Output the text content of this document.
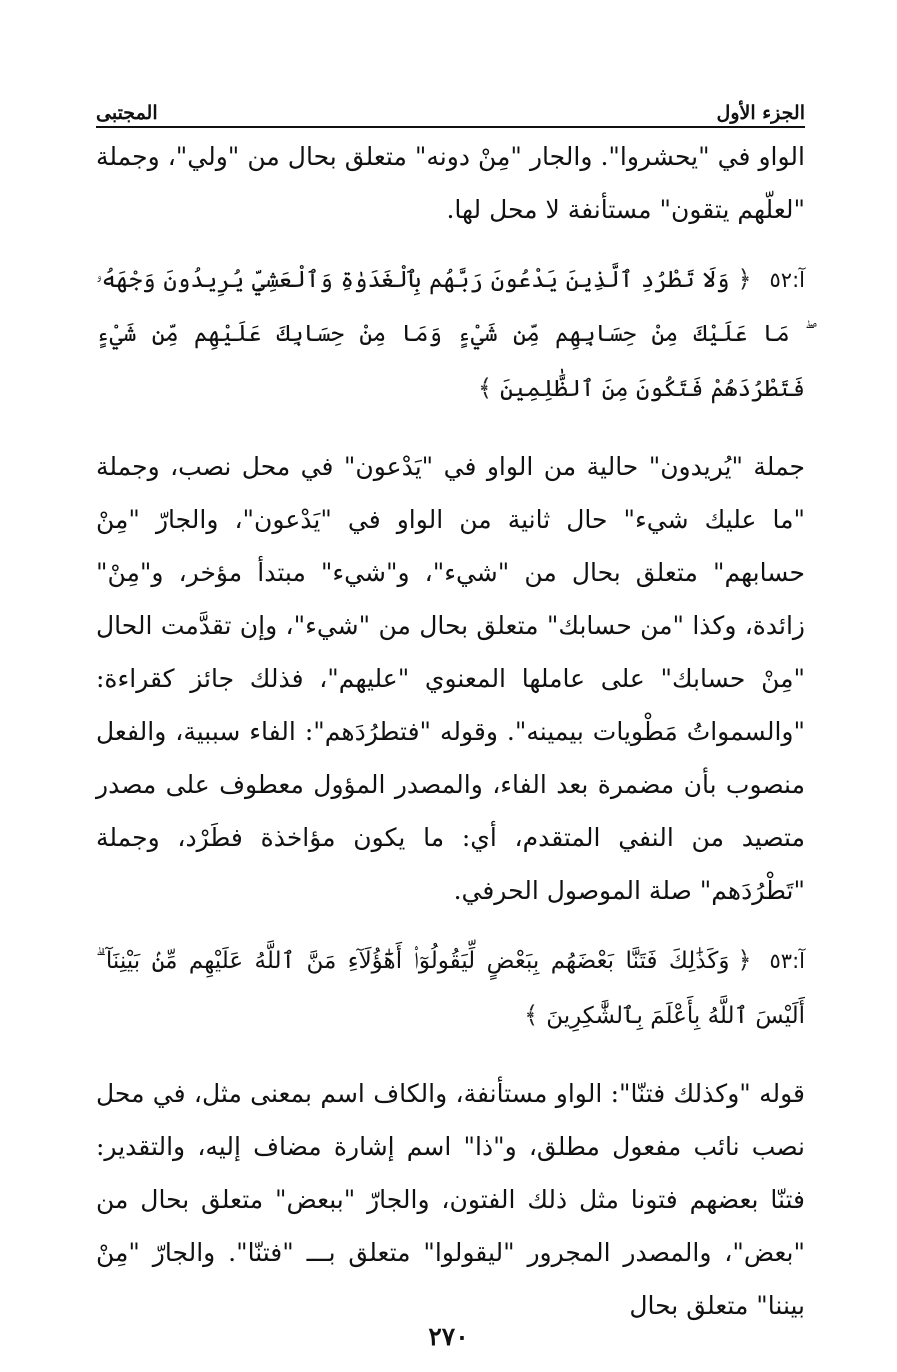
المجتبى	الجزء الأول

الواو في "يحشروا". والجار "مِنْ دونه" متعلق بحال من "ولي"، وجملة "لعلّهم يتقون" مستأنفة لا محل لها.

آ:٥٢﴿وَلَا تَطْرُدِ ٱلَّذِينَ يَدْعُونَ رَبَّهُم بِٱلْغَدَوٰةِ وَٱلْعَشِيِّ يُرِيدُونَ وَجْهَهُۥ ۖ مَا عَلَيْكَ مِنْ حِسَابِهِم مِّن شَيْءٍ وَمَا مِنْ حِسَابِكَ عَلَيْهِم مِّن شَيْءٍ فَتَطْرُدَهُمْ فَتَكُونَ مِنَ ٱلظَّٰلِمِينَ﴾

جملة "يُريدون" حالية من الواو في "يَدْعون" في محل نصب، وجملة "ما عليك شيء" حال ثانية من الواو في "يَدْعون"، والجارّ "مِنْ حسابهم" متعلق بحال من "شيء"، و"شيء" مبتدأ مؤخر، و"مِنْ" زائدة، وكذا "من حسابك" متعلق بحال من "شيء"، وإن تقدَّمت الحال "مِنْ حسابك" على عاملها المعنوي "عليهم"، فذلك جائز كقراءة: "والسمواتُ مَطْويات بيمينه". وقوله "فتطرُدَهم": الفاء سببية، والفعل منصوب بأن مضمرة بعد الفاء، والمصدر المؤول معطوف على مصدر متصيد من النفي المتقدم، أي: ما يكون مؤاخذة فطَرْد، وجملة "تَطْرُدَهم" صلة الموصول الحرفي.

آ:٥٣﴿وَكَذَٰلِكَ فَتَنَّا بَعْضَهُم بِبَعْضٍ لِّيَقُولُوٓا۟ أَهَٰٓؤُلَآءِ مَنَّ ٱللَّهُ عَلَيْهِم مِّنۢ بَيْنِنَآ ۗ أَلَيْسَ ٱللَّهُ بِأَعْلَمَ بِٱلشَّٰكِرِينَ﴾

قوله "وكذلك فتنّا": الواو مستأنفة، والكاف اسم بمعنى مثل، في محل نصب نائب مفعول مطلق، و"ذا" اسم إشارة مضاف إليه، والتقدير: فتنّا بعضهم فتونا مثل ذلك الفتون، والجارّ "ببعض" متعلق بحال من "بعض"، والمصدر المجرور "ليقولوا" متعلق بـــ "فتنّا". والجارّ "مِنْ بيننا" متعلق بحال

٢٧٠
